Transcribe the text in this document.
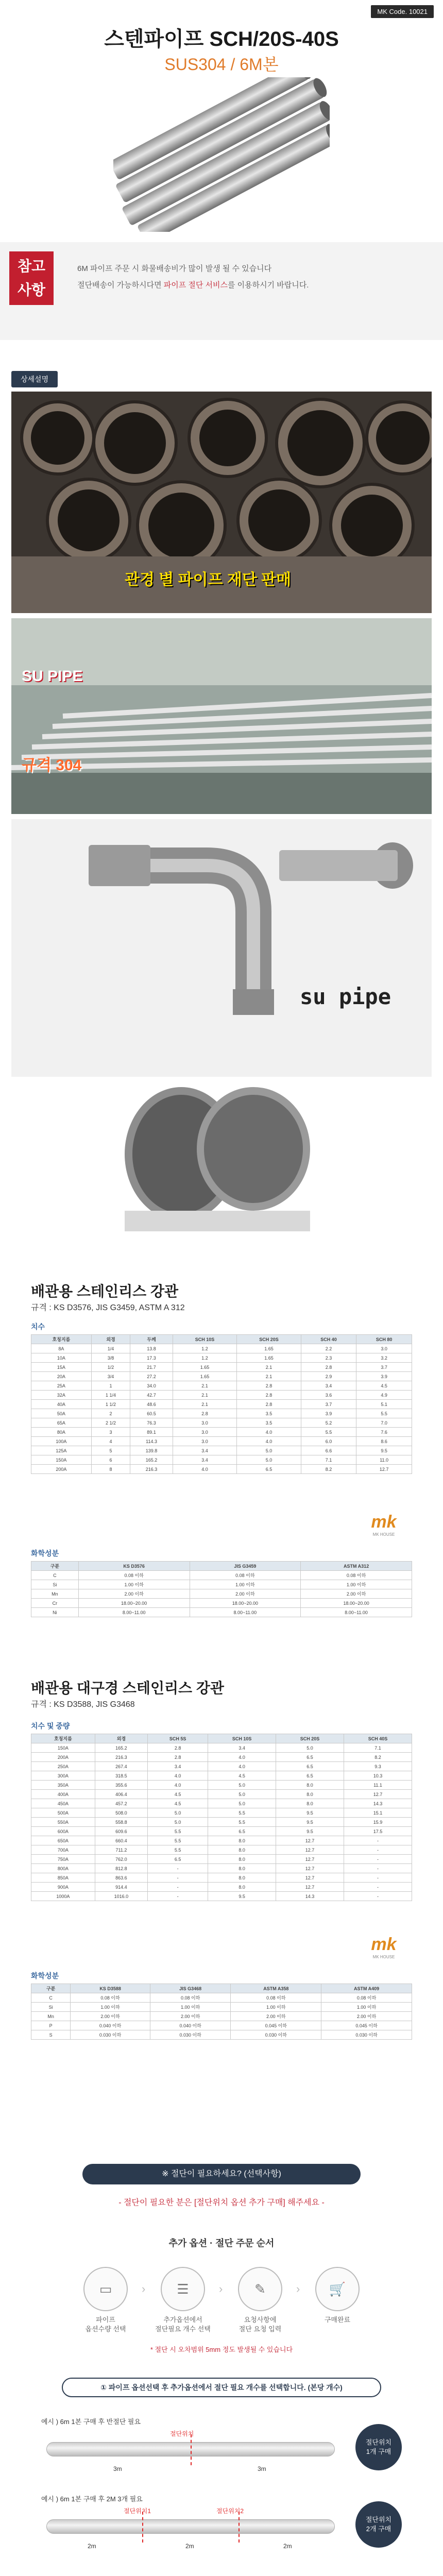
MK Code. 10021
스텐파이프 SCH/20S-40S
SUS304 / 6M본
참고
사항
6M 파이프 주문 시 화물배송비가 많이 발생 될 수 있습니다
절단배송이 가능하시다면 파이프 절단 서비스를 이용하시기 바랍니다.
상세설명
관경 별 파이프 재단 판매
SU PIPE
규격 304
su pipe
배관용 스테인리스 강관
규격 : KS D3576, JIS G3459, ASTM A 312
치수
호칭지름	외경	두께	SCH 10S	SCH 20S	SCH 40	SCH 80
8A	1/4	13.8	1.2	1.65	2.2	3.0
10A	3/8	17.3	1.2	1.65	2.3	3.2
15A	1/2	21.7	1.65	2.1	2.8	3.7
20A	3/4	27.2	1.65	2.1	2.9	3.9
25A	1	34.0	2.1	2.8	3.4	4.5
32A	1 1/4	42.7	2.1	2.8	3.6	4.9
40A	1 1/2	48.6	2.1	2.8	3.7	5.1
50A	2	60.5	2.8	3.5	3.9	5.5
65A	2 1/2	76.3	3.0	3.5	5.2	7.0
80A	3	89.1	3.0	4.0	5.5	7.6
100A	4	114.3	3.0	4.0	6.0	8.6
125A	5	139.8	3.4	5.0	6.6	9.5
150A	6	165.2	3.4	5.0	7.1	11.0
200A	8	216.3	4.0	6.5	8.2	12.7
mk
MK HOUSE
화학성분
구분	KS D3576	JIS G3459	ASTM A312
C	0.08 이하	0.08 이하	0.08 이하
Si	1.00 이하	1.00 이하	1.00 이하
Mn	2.00 이하	2.00 이하	2.00 이하
Cr	18.00~20.00	18.00~20.00	18.00~20.00
Ni	8.00~11.00	8.00~11.00	8.00~11.00
배관용 대구경 스테인리스 강관
규격 : KS D3588, JIS G3468
치수 및 중량
호칭지름	외경	SCH 5S	SCH 10S	SCH 20S	SCH 40S
150A	165.2	2.8	3.4	5.0	7.1
200A	216.3	2.8	4.0	6.5	8.2
250A	267.4	3.4	4.0	6.5	9.3
300A	318.5	4.0	4.5	6.5	10.3
350A	355.6	4.0	5.0	8.0	11.1
400A	406.4	4.5	5.0	8.0	12.7
450A	457.2	4.5	5.0	8.0	14.3
500A	508.0	5.0	5.5	9.5	15.1
550A	558.8	5.0	5.5	9.5	15.9
600A	609.6	5.5	6.5	9.5	17.5
650A	660.4	5.5	8.0	12.7	-
700A	711.2	5.5	8.0	12.7	-
750A	762.0	6.5	8.0	12.7	-
800A	812.8	-	8.0	12.7	-
850A	863.6	-	8.0	12.7	-
900A	914.4	-	8.0	12.7	-
1000A	1016.0	-	9.5	14.3	-
mk
MK HOUSE
화학성분
구분	KS D3588	JIS G3468	ASTM A358	ASTM A409
C	0.08 이하	0.08 이하	0.08 이하	0.08 이하
Si	1.00 이하	1.00 이하	1.00 이하	1.00 이하
Mn	2.00 이하	2.00 이하	2.00 이하	2.00 이하
P	0.040 이하	0.040 이하	0.045 이하	0.045 이하
S	0.030 이하	0.030 이하	0.030 이하	0.030 이하
※ 절단이 필요하세요? (선택사항)
- 절단이 필요한 분은 [절단위치 옵션 추가 구매] 해주세요 -
추가 옵션 · 절단 주문 순서
▭
파이프
옵션수량 선택
›	☰
추가옵션에서
절단필요 개수 선택
›	✎
요청사항에
절단 요청 입력
›	🛒
구매완료
* 절단 시 오차범위 5mm 정도 발생될 수 있습니다
① 파이프 옵션선택 후 추가옵션에서 절단 필요 개수를 선택합니다. (본당 개수)
예시 ) 6m 1본 구매 후 반절단 필요
절단위치
3m	3m
절단위치
1개 구매
예시 ) 6m 1본 구매 후 2M 3개 필요
절단위치1	절단위치2
2m	2m	2m
절단위치
2개 구매
